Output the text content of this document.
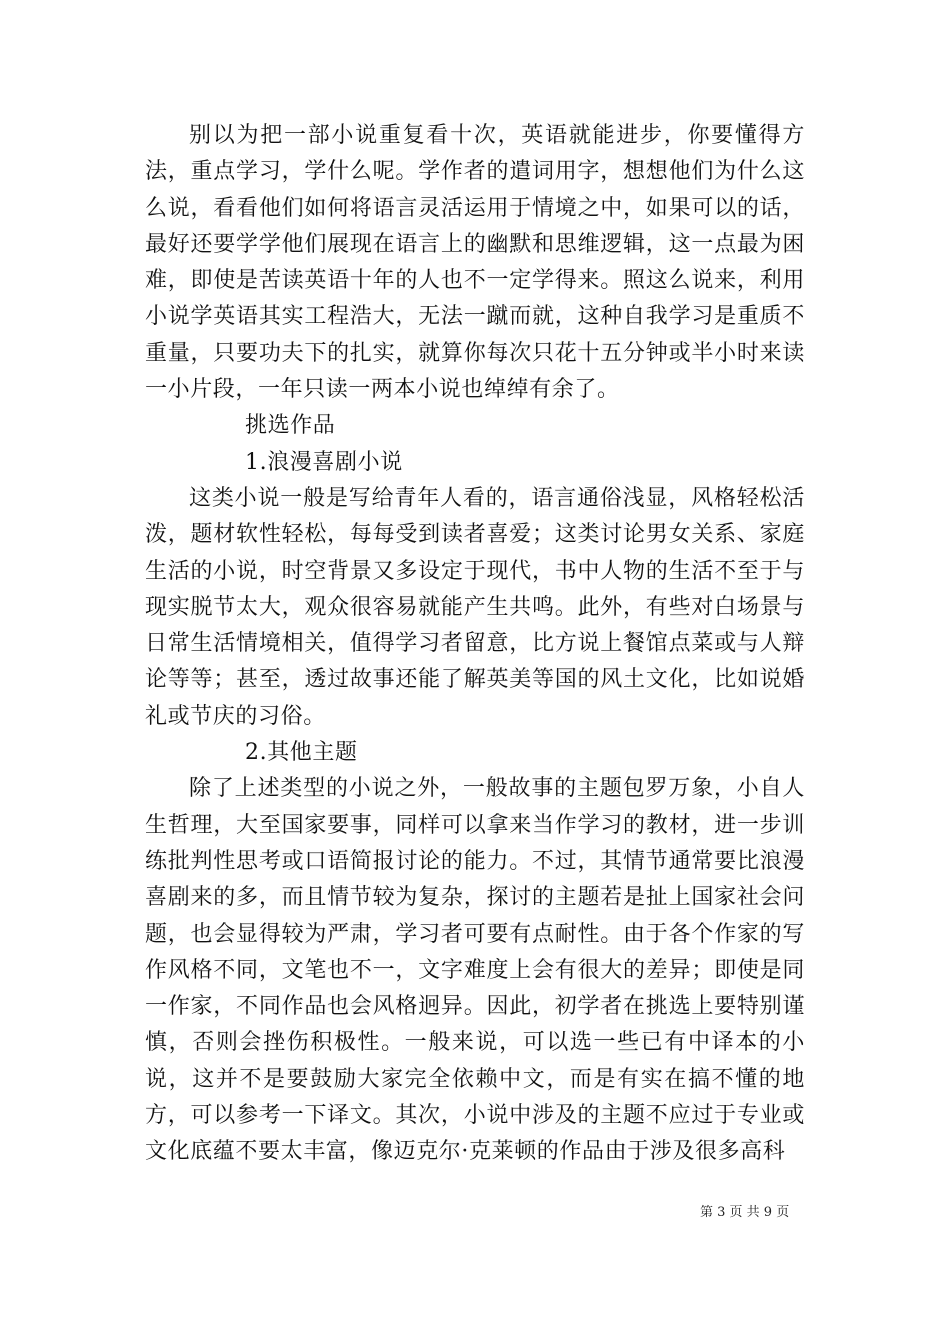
别以为把一部小说重复看十次，英语就能进步，你要懂得方法，重点学习，学什么呢。学作者的遣词用字，想想他们为什么这么说，看看他们如何将语言灵活运用于情境之中，如果可以的话，最好还要学学他们展现在语言上的幽默和思维逻辑，这一点最为困难，即使是苦读英语十年的人也不一定学得来。照这么说来，利用小说学英语其实工程浩大，无法一蹴而就，这种自我学习是重质不重量，只要功夫下的扎实，就算你每次只花十五分钟或半小时来读一小片段，一年只读一两本小说也绰绰有余了。

挑选作品

1.浪漫喜剧小说

这类小说一般是写给青年人看的，语言通俗浅显，风格轻松活泼，题材软性轻松，每每受到读者喜爱；这类讨论男女关系、家庭生活的小说，时空背景又多设定于现代，书中人物的生活不至于与现实脱节太大，观众很容易就能产生共鸣。此外，有些对白场景与日常生活情境相关，值得学习者留意，比方说上餐馆点菜或与人辩论等等；甚至，透过故事还能了解英美等国的风土文化，比如说婚礼或节庆的习俗。

2.其他主题

除了上述类型的小说之外，一般故事的主题包罗万象，小自人生哲理，大至国家要事，同样可以拿来当作学习的教材，进一步训练批判性思考或口语简报讨论的能力。不过，其情节通常要比浪漫喜剧来的多，而且情节较为复杂，探讨的主题若是扯上国家社会问题，也会显得较为严肃，学习者可要有点耐性。由于各个作家的写作风格不同，文笔也不一，文字难度上会有很大的差异；即使是同一作家，不同作品也会风格迥异。因此，初学者在挑选上要特别谨慎，否则会挫伤积极性。一般来说，可以选一些已有中译本的小说，这并不是要鼓励大家完全依赖中文，而是有实在搞不懂的地方，可以参考一下译文。其次，小说中涉及的主题不应过于专业或文化底蕴不要太丰富，像迈克尔·克莱顿的作品由于涉及很多高科

第 3 页 共 9 页
